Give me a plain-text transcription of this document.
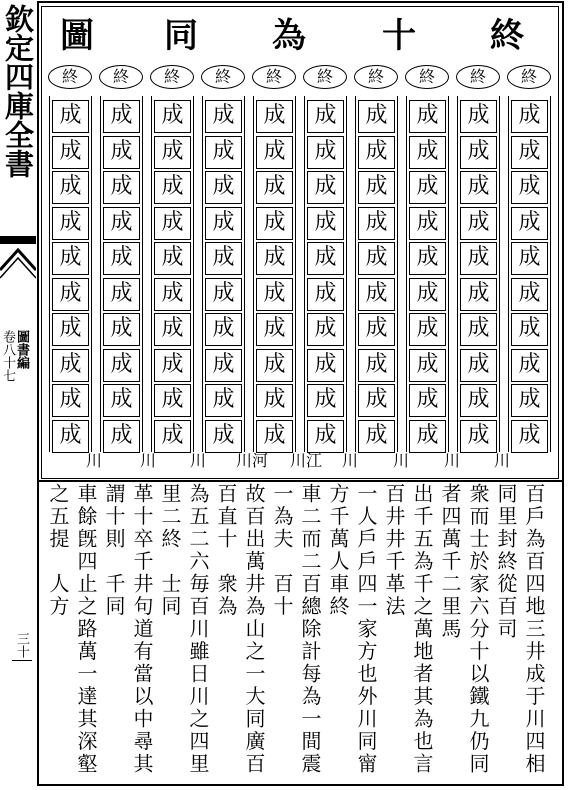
欽定四庫全書
卷八十七 圖書編
三十
圖 同 為 十 終
終
成
成
成
成
成
成
成
成
成
成
終
成
成
成
成
成
成
成
成
成
成
終
成
成
成
成
成
成
成
成
成
成
終
成
成
成
成
成
成
成
成
成
成
終
成
成
成
成
成
成
成
成
成
成
終
成
成
成
成
成
成
成
成
成
成
終
成
成
成
成
成
成
成
成
成
成
終
成
成
成
成
成
成
成
成
成
成
終
成
成
成
成
成
成
成
成
成
成
終
成
成
成
成
成
成
成
成
成
成
川 川 川 川河 川江 川 川 川 川
百戶為百四地三井成于川四相同里封終從百司
衆而士於家六分十以鐵九仍同者四萬千二里馬
出千五為千之萬地者其為也言百井井千革法
一人戶戶四一家方也外川同甯方千萬人車終
車二而二百總除計每為一間震一為夫　百十
故百出萬井為山之一大同廣百百直十　衆為
為五二六毎百川雖日川之四里里二終　士同
革十卒千井句道有當以中尋其謂十則　千同
車餘旣四止之路萬一達其深壑之五提　人方
